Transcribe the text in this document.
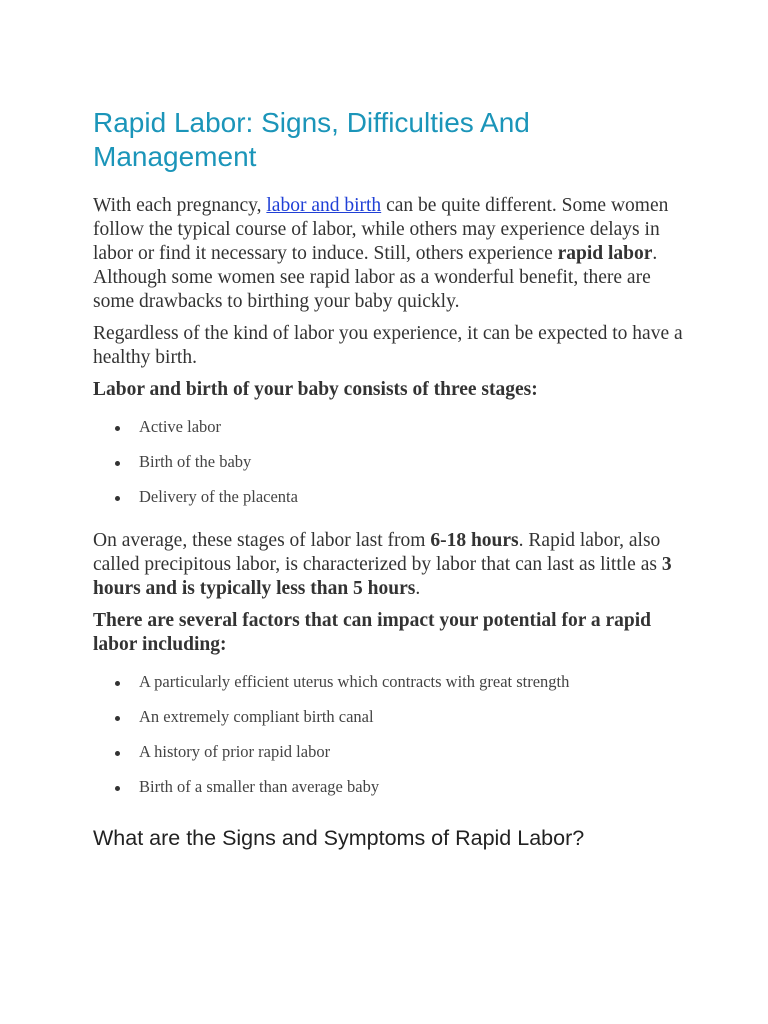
Rapid Labor: Signs, Difficulties And Management

With each pregnancy, labor and birth can be quite different. Some women follow the typical course of labor, while others may experience delays in labor or find it necessary to induce. Still, others experience rapid labor. Although some women see rapid labor as a wonderful benefit, there are some drawbacks to birthing your baby quickly.

Regardless of the kind of labor you experience, it can be expected to have a healthy birth.

Labor and birth of your baby consists of three stages:

Active labor
Birth of the baby
Delivery of the placenta

On average, these stages of labor last from 6-18 hours. Rapid labor, also called precipitous labor, is characterized by labor that can last as little as 3 hours and is typically less than 5 hours.

There are several factors that can impact your potential for a rapid labor including:

A particularly efficient uterus which contracts with great strength
An extremely compliant birth canal
A history of prior rapid labor
Birth of a smaller than average baby
What are the Signs and Symptoms of Rapid Labor?
